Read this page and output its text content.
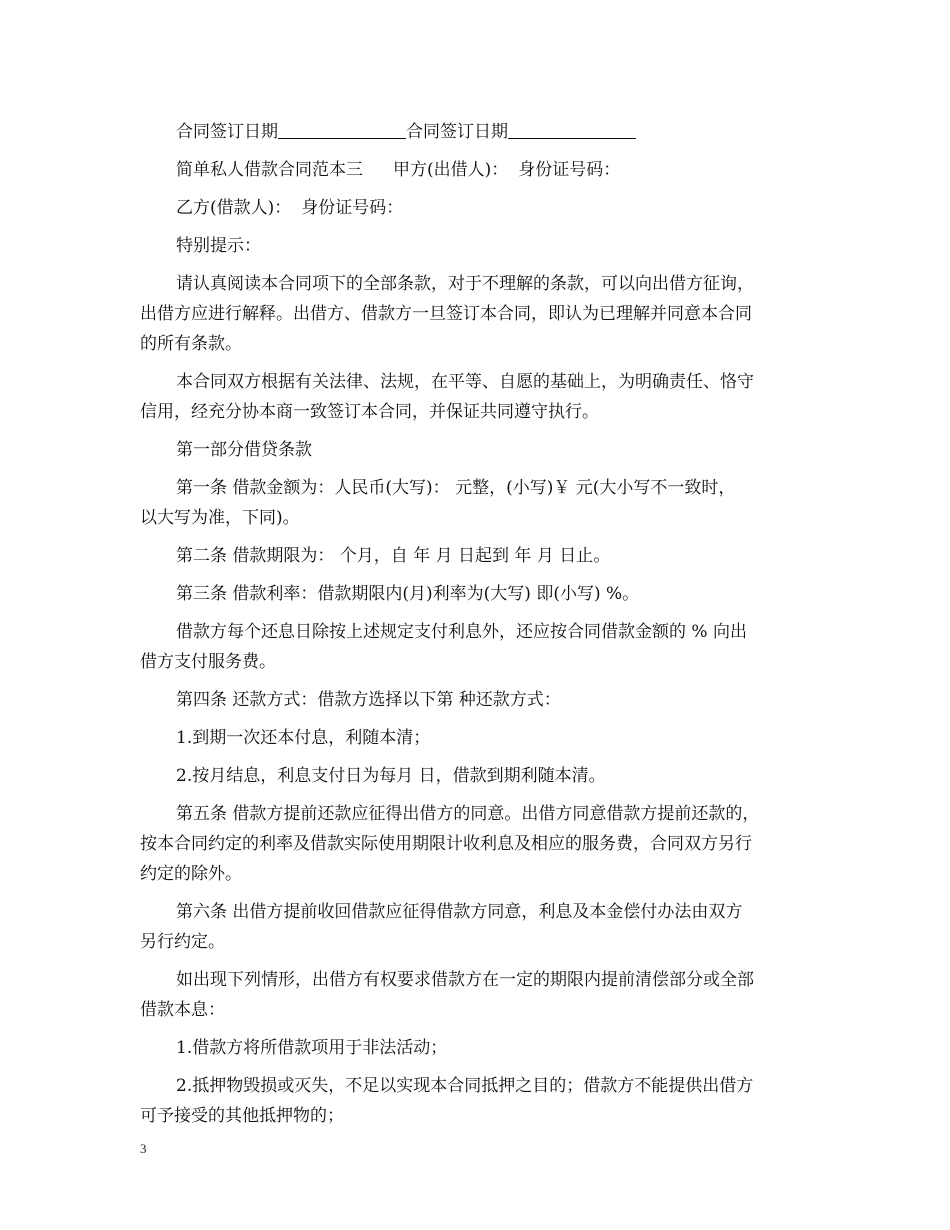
合同签订日期	合同签订日期
简单私人借款合同范本三 甲方(出借人)： 身份证号码：
乙方(借款人)： 身份证号码：
特别提示：
请认真阅读本合同项下的全部条款，对于不理解的条款，可以向出借方征询，
出借方应进行解释。出借方、借款方一旦签订本合同，即认为已理解并同意本合同
的所有条款。
本合同双方根据有关法律、法规，在平等、自愿的基础上，为明确责任、恪守
信用，经充分协本商一致签订本合同，并保证共同遵守执行。
第一部分借贷条款
第一条 借款金额为：人民币(大写)： 元整，(小写)￥ 元(大小写不一致时，
以大写为准，下同)。
第二条 借款期限为： 个月，自 年 月 日起到 年 月 日止。
第三条 借款利率：借款期限内(月)利率为(大写) 即(小写) %。
借款方每个还息日除按上述规定支付利息外，还应按合同借款金额的 % 向出
借方支付服务费。
第四条 还款方式：借款方选择以下第 种还款方式：
1.到期一次还本付息，利随本清；
2.按月结息，利息支付日为每月 日，借款到期利随本清。
第五条 借款方提前还款应征得出借方的同意。出借方同意借款方提前还款的，
按本合同约定的利率及借款实际使用期限计收利息及相应的服务费，合同双方另行
约定的除外。
第六条 出借方提前收回借款应征得借款方同意，利息及本金偿付办法由双方
另行约定。
如出现下列情形，出借方有权要求借款方在一定的期限内提前清偿部分或全部
借款本息：
1.借款方将所借款项用于非法活动；
2.抵押物毁损或灭失，不足以实现本合同抵押之目的；借款方不能提供出借方
可予接受的其他抵押物的；
3
